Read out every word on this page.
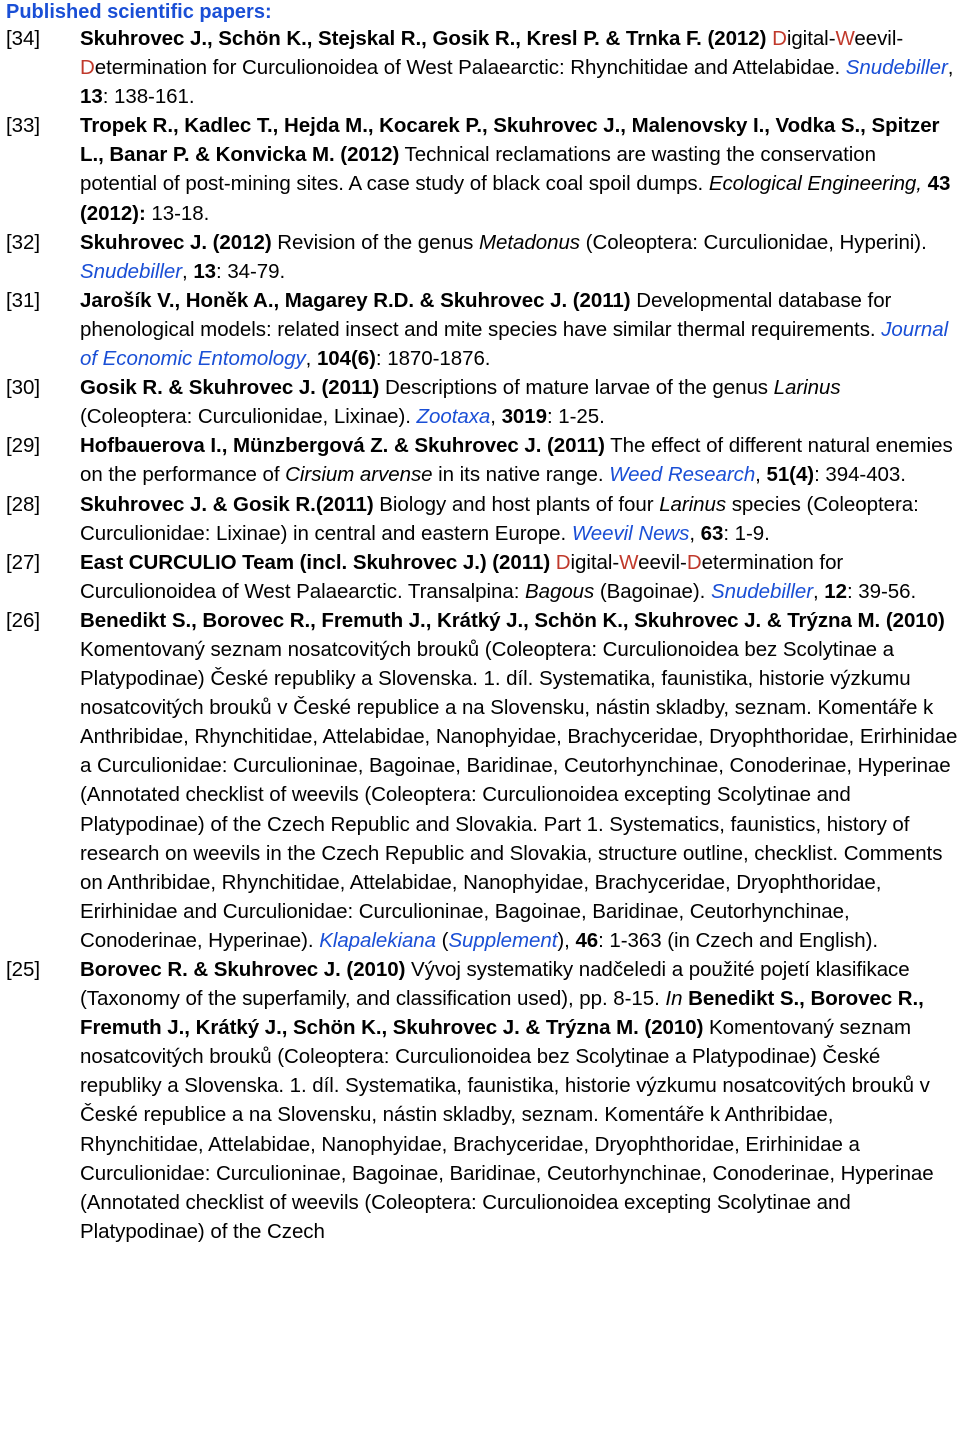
Published scientific papers:
[34]	Skuhrovec J., Schön K., Stejskal R., Gosik R., Kresl P. & Trnka F. (2012) Digital-Weevil-Determination for Curculionoidea of West Palaearctic: Rhynchitidae and Attelabidae. Snudebiller, 13: 138-161.
[33]	Tropek R., Kadlec T., Hejda M., Kocarek P., Skuhrovec J., Malenovsky I., Vodka S., Spitzer L., Banar P. & Konvicka M. (2012) Technical reclamations are wasting the conservation potential of post-mining sites. A case study of black coal spoil dumps. Ecological Engineering, 43 (2012): 13-18.
[32]	Skuhrovec J. (2012) Revision of the genus Metadonus (Coleoptera: Curculionidae, Hyperini). Snudebiller, 13: 34-79.
[31]	Jarošík V., Honěk A., Magarey R.D. & Skuhrovec J. (2011) Developmental database for phenological models: related insect and mite species have similar thermal requirements. Journal of Economic Entomology, 104(6): 1870-1876.
[30]	Gosik R. & Skuhrovec J. (2011) Descriptions of mature larvae of the genus Larinus (Coleoptera: Curculionidae, Lixinae). Zootaxa, 3019: 1-25.
[29]	Hofbauerova I., Münzbergová Z. & Skuhrovec J. (2011) The effect of different natural enemies on the performance of Cirsium arvense in its native range. Weed Research, 51(4): 394-403.
[28]	Skuhrovec J. & Gosik R.(2011) Biology and host plants of four Larinus species (Coleoptera: Curculionidae: Lixinae) in central and eastern Europe. Weevil News, 63: 1-9.
[27]	East CURCULIO Team (incl. Skuhrovec J.) (2011) Digital-Weevil-Determination for Curculionoidea of West Palaearctic. Transalpina: Bagous (Bagoinae). Snudebiller, 12: 39-56.
[26]	Benedikt S., Borovec R., Fremuth J., Krátký J., Schön K., Skuhrovec J. & Trýzna M. (2010) Komentovaný seznam nosatcovitých brouků (Coleoptera: Curculionoidea bez Scolytinae a Platypodinae) České republiky a Slovenska. 1. díl. Systematika, faunistika, historie výzkumu nosatcovitých brouků v České republice a na Slovensku, nástin skladby, seznam. Komentáře k Anthribidae, Rhynchitidae, Attelabidae, Nanophyidae, Brachyceridae, Dryophthoridae, Erirhinidae a Curculionidae: Curculioninae, Bagoinae, Baridinae, Ceutorhynchinae, Conoderinae, Hyperinae (Annotated checklist of weevils (Coleoptera: Curculionoidea excepting Scolytinae and Platypodinae) of the Czech Republic and Slovakia. Part 1. Systematics, faunistics, history of research on weevils in the Czech Republic and Slovakia, structure outline, checklist. Comments on Anthribidae, Rhynchitidae, Attelabidae, Nanophyidae, Brachyceridae, Dryophthoridae, Erirhinidae and Curculionidae: Curculioninae, Bagoinae, Baridinae, Ceutorhynchinae, Conoderinae, Hyperinae). Klapalekiana (Supplement), 46: 1-363 (in Czech and English).
[25]	Borovec R. & Skuhrovec J. (2010) Vývoj systematiky nadčeledi a použité pojetí klasifikace (Taxonomy of the superfamily, and classification used), pp. 8-15. In Benedikt S., Borovec R., Fremuth J., Krátký J., Schön K., Skuhrovec J. & Trýzna M. (2010) Komentovaný seznam nosatcovitých brouků (Coleoptera: Curculionoidea bez Scolytinae a Platypodinae) České republiky a Slovenska. 1. díl. Systematika, faunistika, historie výzkumu nosatcovitých brouků v České republice a na Slovensku, nástin skladby, seznam. Komentáře k Anthribidae, Rhynchitidae, Attelabidae, Nanophyidae, Brachyceridae, Dryophthoridae, Erirhinidae a Curculionidae: Curculioninae, Bagoinae, Baridinae, Ceutorhynchinae, Conoderinae, Hyperinae (Annotated checklist of weevils (Coleoptera: Curculionoidea excepting Scolytinae and Platypodinae) of the Czech
